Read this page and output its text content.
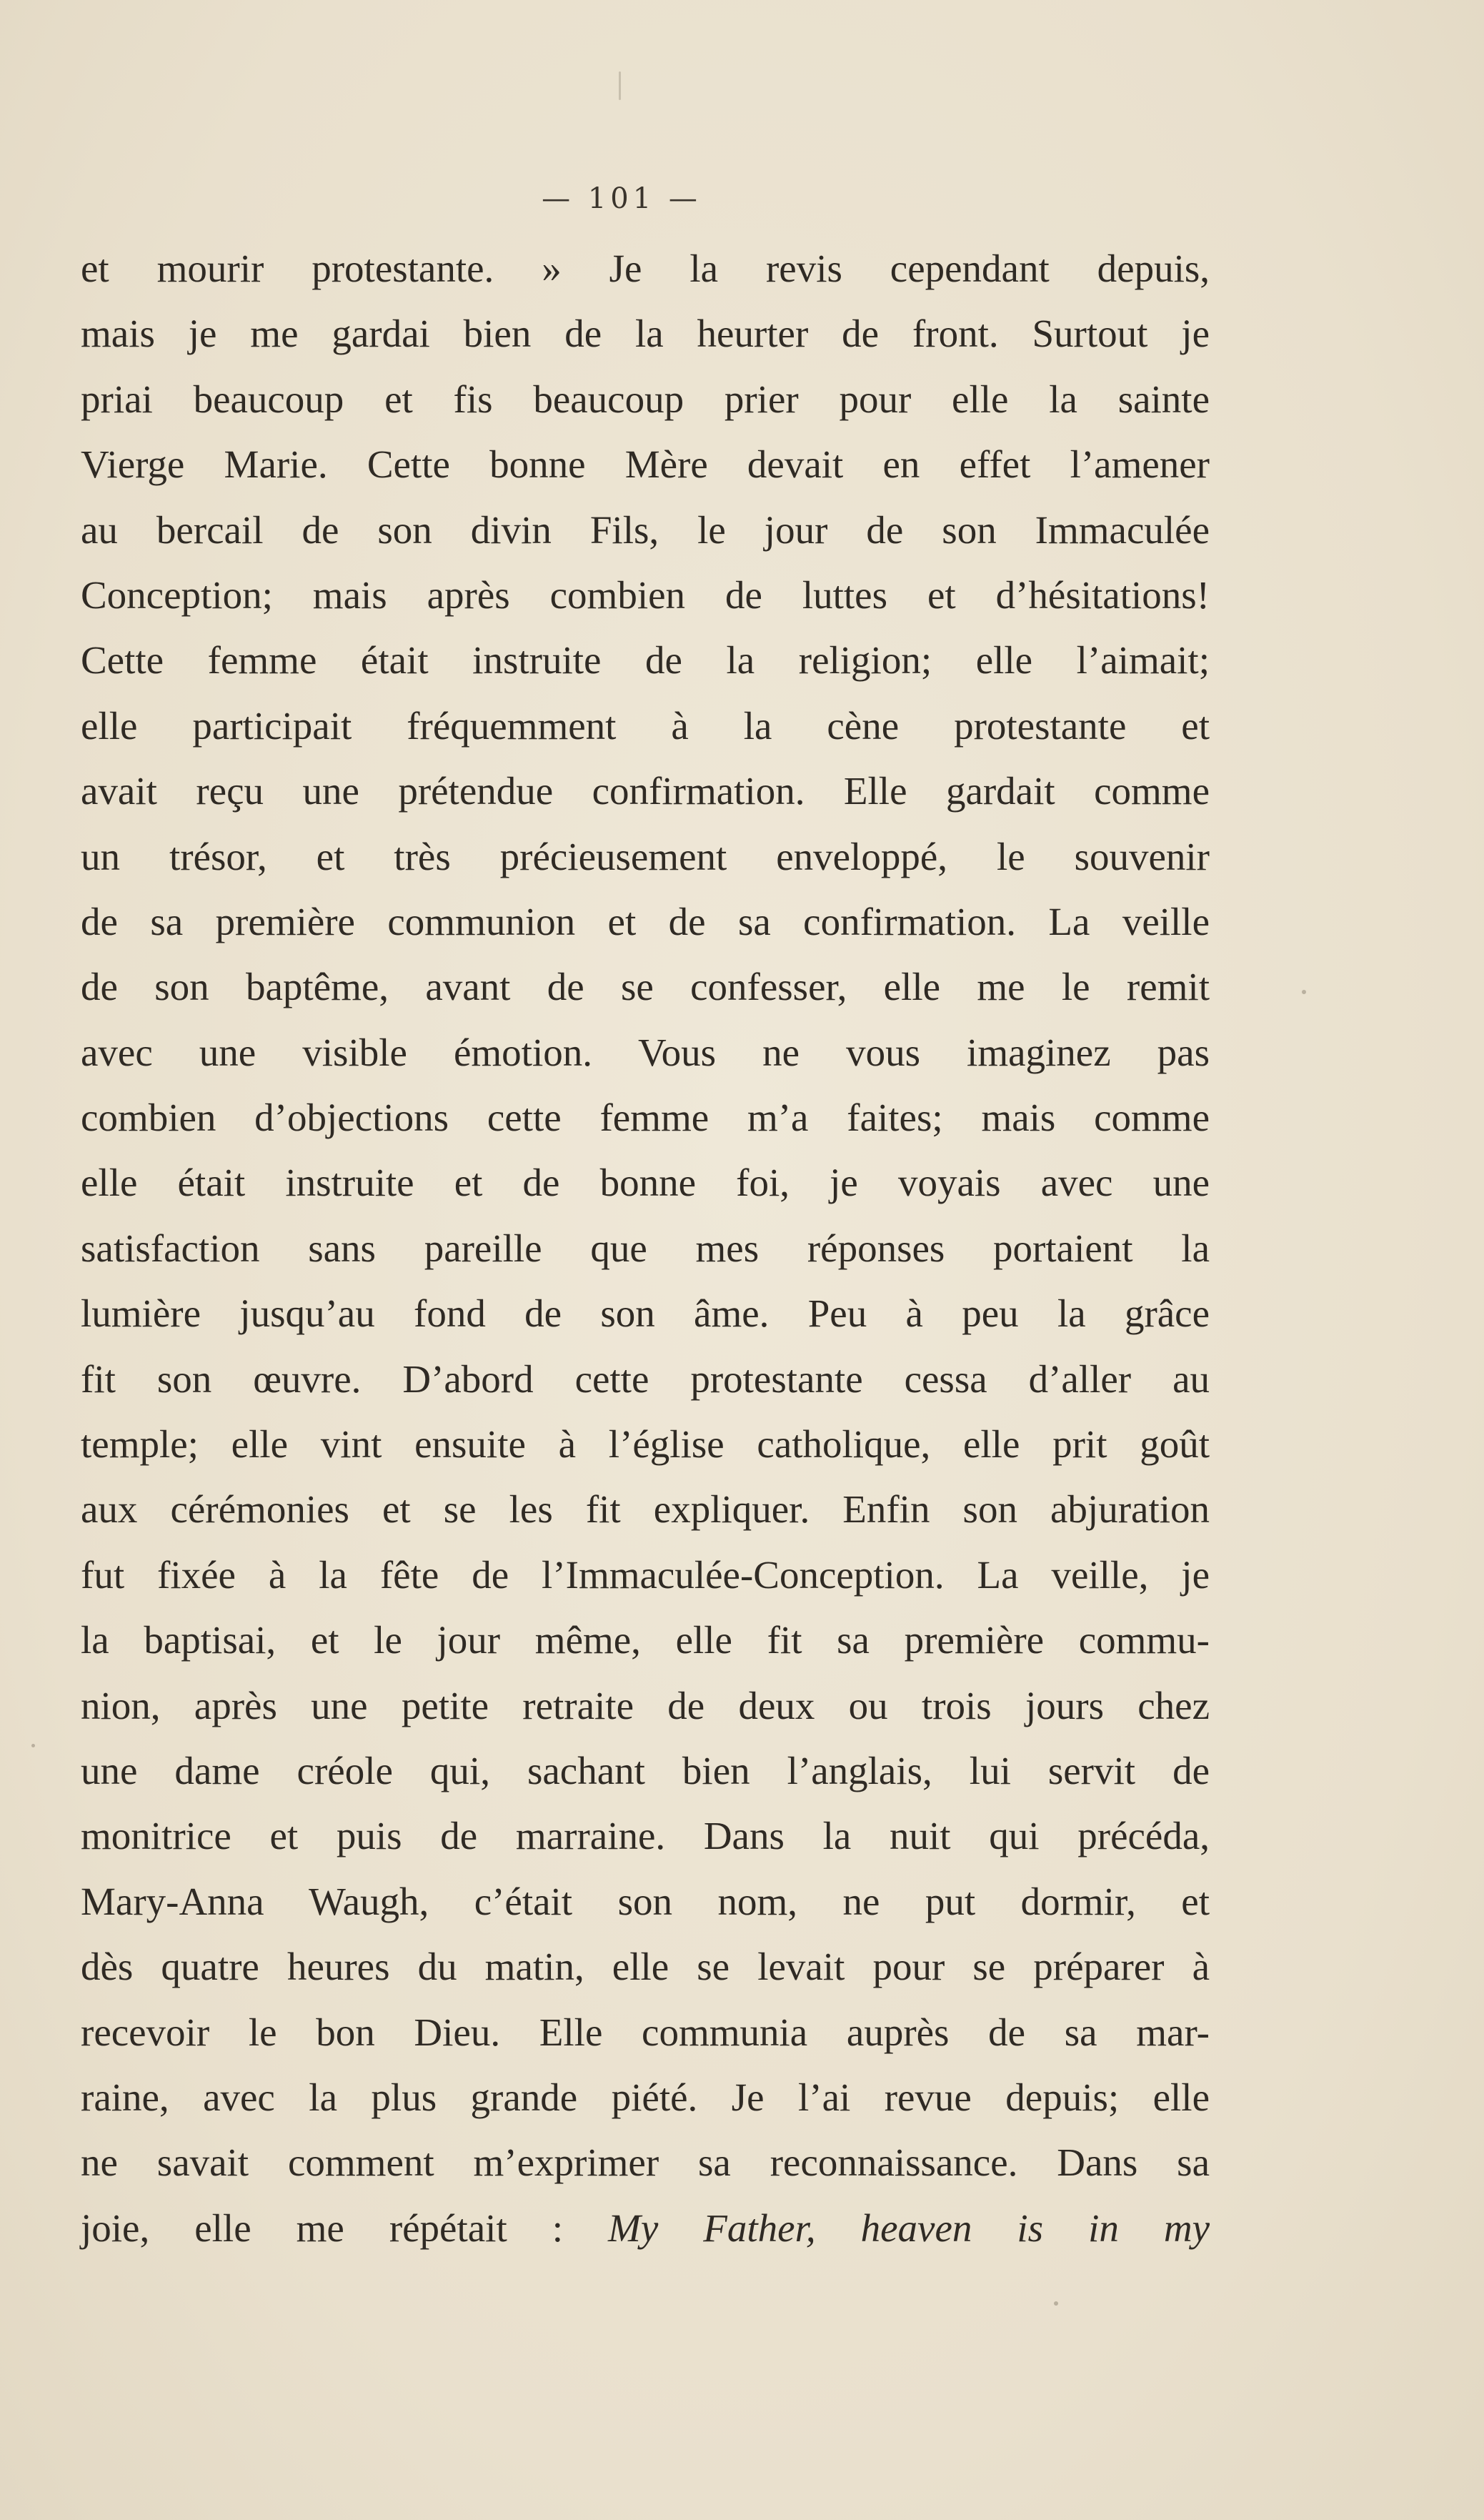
— 101 —
et mourir protestante. » Je la revis cependant depuis,
mais je me gardai bien de la heurter de front. Surtout je
priai beaucoup et fis beaucoup prier pour elle la sainte
Vierge Marie. Cette bonne Mère devait en effet l’amener
au bercail de son divin Fils, le jour de son Immaculée
Conception; mais après combien de luttes et d’hésitations!
Cette femme était instruite de la religion; elle l’aimait;
elle participait fréquemment à la cène protestante et
avait reçu une prétendue confirmation. Elle gardait comme
un trésor, et très précieusement enveloppé, le souvenir
de sa première communion et de sa confirmation. La veille
de son baptême, avant de se confesser, elle me le remit
avec une visible émotion. Vous ne vous imaginez pas
combien d’objections cette femme m’a faites; mais comme
elle était instruite et de bonne foi, je voyais avec une
satisfaction sans pareille que mes réponses portaient la
lumière jusqu’au fond de son âme. Peu à peu la grâce
fit son œuvre. D’abord cette protestante cessa d’aller au
temple; elle vint ensuite à l’église catholique, elle prit goût
aux cérémonies et se les fit expliquer. Enfin son abjuration
fut fixée à la fête de l’Immaculée-Conception. La veille, je
la baptisai, et le jour même, elle fit sa première commu-
nion, après une petite retraite de deux ou trois jours chez
une dame créole qui, sachant bien l’anglais, lui servit de
monitrice et puis de marraine. Dans la nuit qui précéda,
Mary-Anna Waugh, c’était son nom, ne put dormir, et
dès quatre heures du matin, elle se levait pour se préparer à
recevoir le bon Dieu. Elle communia auprès de sa mar-
raine, avec la plus grande piété. Je l’ai revue depuis; elle
ne savait comment m’exprimer sa reconnaissance. Dans sa
joie, elle me répétait : My Father, heaven is in my
